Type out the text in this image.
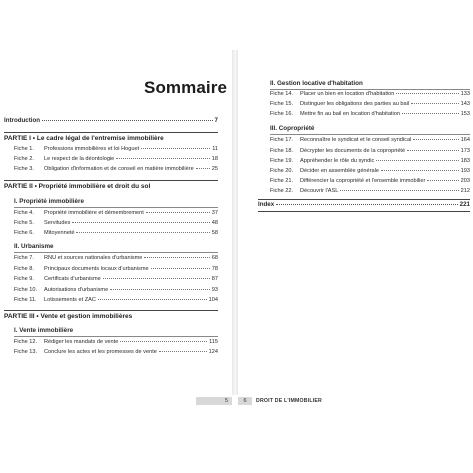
Sommaire
Introduction	7
PARTIE I • Le cadre légal de l'entremise immobilière
Fiche 1. Professions immobilières et loi Hoguet	11
Fiche 2. Le respect de la déontologie	18
Fiche 3. Obligation d'information et de conseil en matière immobilière	25
PARTIE II • Propriété immobilière et droit du sol
I. Propriété immobilière
Fiche 4. Propriété immobilière et démembrement	37
Fiche 5. Servitudes	48
Fiche 6. Mitoyenneté	58
II. Urbanisme
Fiche 7. RNU et sources nationales d'urbanisme	68
Fiche 8. Principaux documents locaux d'urbanisme	78
Fiche 9. Certificats d'urbanisme	87
Fiche 10. Autorisations d'urbanisme	93
Fiche 11. Lotissements et ZAC	104
PARTIE III • Vente et gestion immobilières
I. Vente immobilière
Fiche 12. Rédiger les mandats de vente	115
Fiche 13. Conclure les actes et les promesses de vente	124
5
II. Gestion locative d'habitation
Fiche 14. Placer un bien en location d'habitation	133
Fiche 15. Distinguer les obligations des parties au bail	143
Fiche 16. Mettre fin au bail en location d'habitation	153
III. Copropriété
Fiche 17. Reconnaître le syndicat et le conseil syndical	164
Fiche 18. Décrypter les documents de la copropriété	173
Fiche 19. Appréhender le rôle du syndic	183
Fiche 20. Décider en assemblée générale	193
Fiche 21. Différencier la copropriété et l'ensemble immobilier	203
Fiche 22. Découvrir l'ASL	212
Index	221
6	DROIT DE L'IMMOBILIER
